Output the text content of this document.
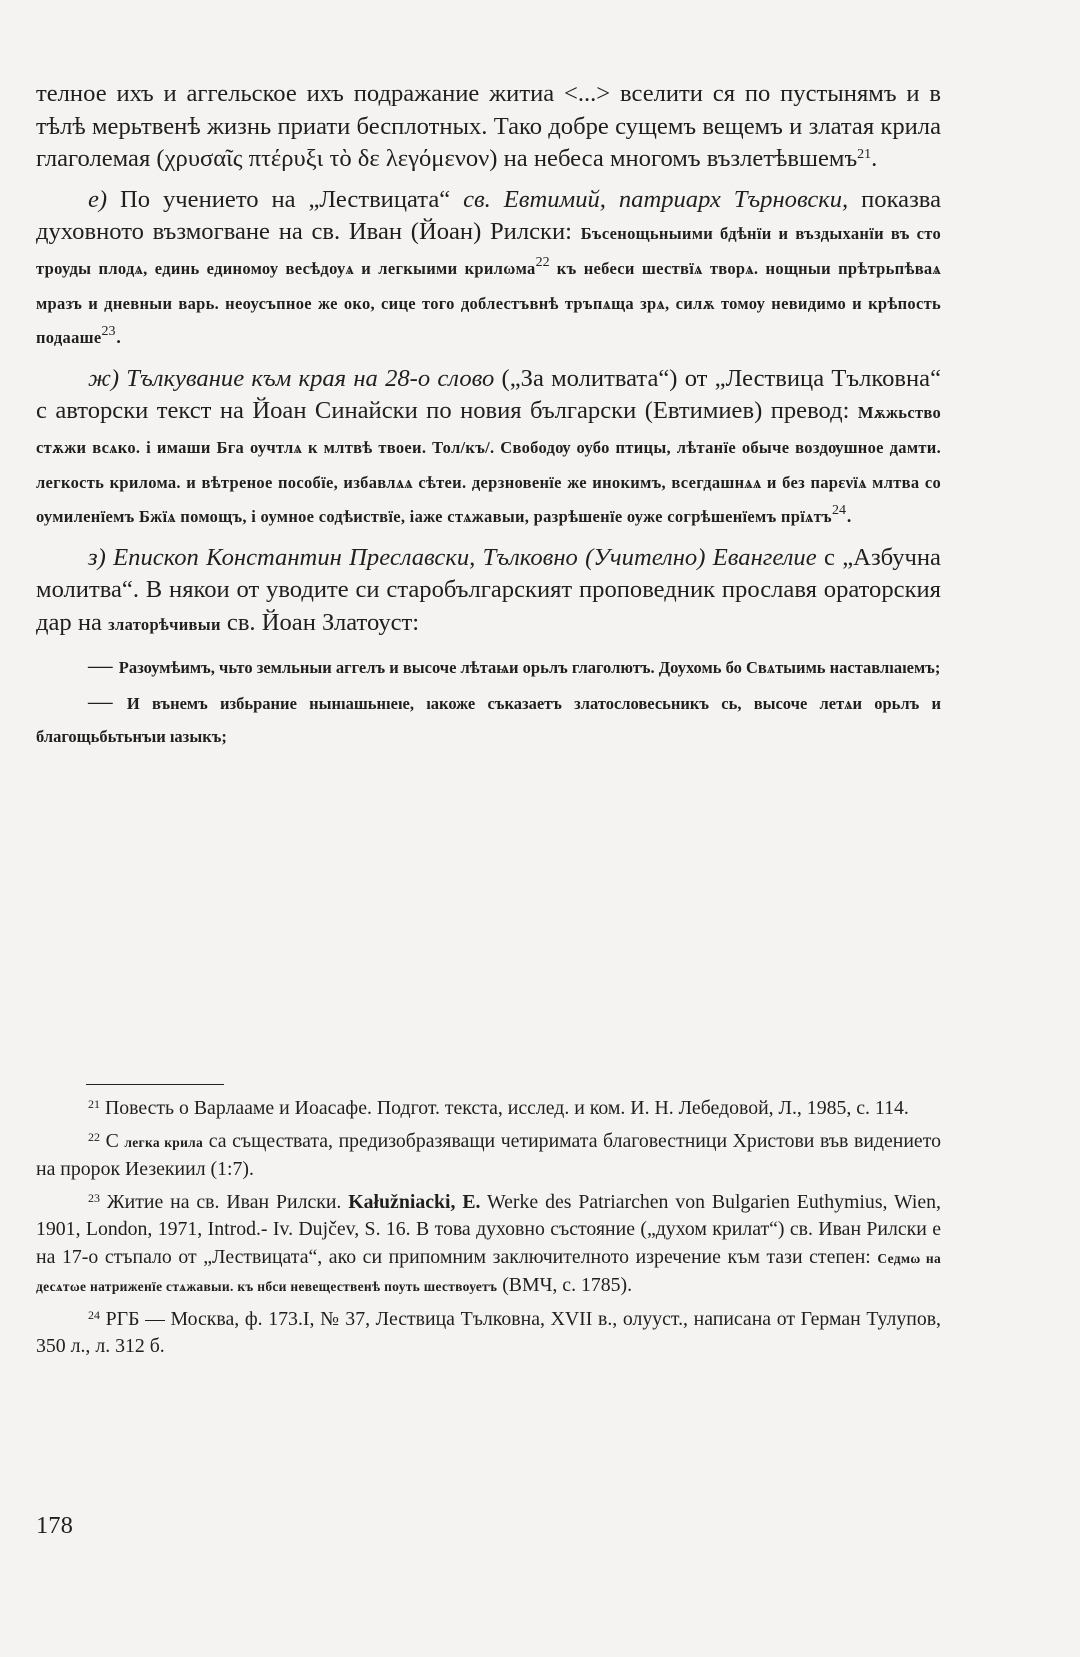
телное ихъ и аггельское ихъ подражание житиа <...> вселити ся по пустынямъ и в тѣлѣ мерьтвенѣ жизнь приати бесплотных. Тако добре сущемъ вещемъ и златая крила глаголемая (χρυσαῖς πτέρυξι τὸ δε λεγόμενον) на небеса многомъ възлетѣвшемъ$^{21}$.

е) По учението на „Лествицата“ св. Евтимий, патриарх Търновски, показва духовното възмогване на св. Иван (Йоан) Рилски: Бъсенощьныими бдѣнїи и въздыханїи въ сто троуды плодѧ, единь единомоу весѣдоуѧ и легкыими крилωма$^{22}$ къ небеси шествїѧ творѧ. нощныи прѣтрьпѣваѧ мразъ и дневныи варь. неоусъпное же око, сице того доблестъвнѣ тръпѧща зрѧ, силѫ томоу невидимо и крѣпость подааше$^{23}$.

ж) Тълкувание към края на 28-о слово („За молитвата“) от „Лествица Тълковна“ с авторски текст на Йоан Синайски по новия български (Евтимиев) превод: Мѫжьство стѫжи всѧко. і имаши Бга оучтлѧ к млтвѣ твоеи. Тол/къ/. Свободѹ оубо птицы, лѣтанїе обыче воздѹшное дамти. легкость крилома. и вѣтреное пособїе, избавлѧѧ сѣтеи. дерзновенїе же инокимъ, всегдашнѧѧ и без парενїѧ млтва со оумиленїемъ Бжїѧ помощъ, і оумное содѣиствїе, іаже стѧжавыи, разрѣшенїе оуже согрѣшенїемъ прїѧтъ$^{24}$.

з) Епископ Константин Преславски, Тълковно (Учително) Евангелие с „Азбучна молитва“. В някои от уводите си старобългарският проповедник прославя ораторския дар на златорѣчивыи св. Йоан Златоуст:

— Разоумѣимъ, чьто земльныи аггелъ и высоче лѣтаѩи орьлъ глаголютъ. Доухомь бо Свѧтыимь наставлıаıемъ;

— И вънемъ избьрание нынıашьнıеıе, ıакоже съказаетъ златословесьникъ сь, высоче летѧи орьлъ и благощьбьтьнъıи ıазыкъ;

$^{21}$ Повесть о Варлааме и Иоасафе. Подгот. текста, исслед. и ком. И. Н. Лебедовой, Л., 1985, с. 114.

$^{22}$ С легка крила са съществата, предизобразяващи четиримата благовестници Христови във видението на пророк Иезекиил (1:7).

$^{23}$ Житие на св. Иван Рилски. Kałužniacki, E. Werke des Patriarchen von Bulgarien Euthymius, Wien, 1901, London, 1971, Introd.- Iv. Dujčev, S. 16. В това духовно състояние („духом крилат“) св. Иван Рилски е на 17-о стъпало от „Лествицата“, ако си припомним заключителното изречение към тази степен: Седмω на десѧтωе натриженїе стѧжавыи. къ нбси невещественѣ поуть шествоуетъ (ВМЧ, с. 1785).

$^{24}$ РГБ — Москва, ф. 173.I, № 37, Лествица Тълковна, XVII в., олууст., написана от Герман Тулупов, 350 л., л. 312 б.

178
